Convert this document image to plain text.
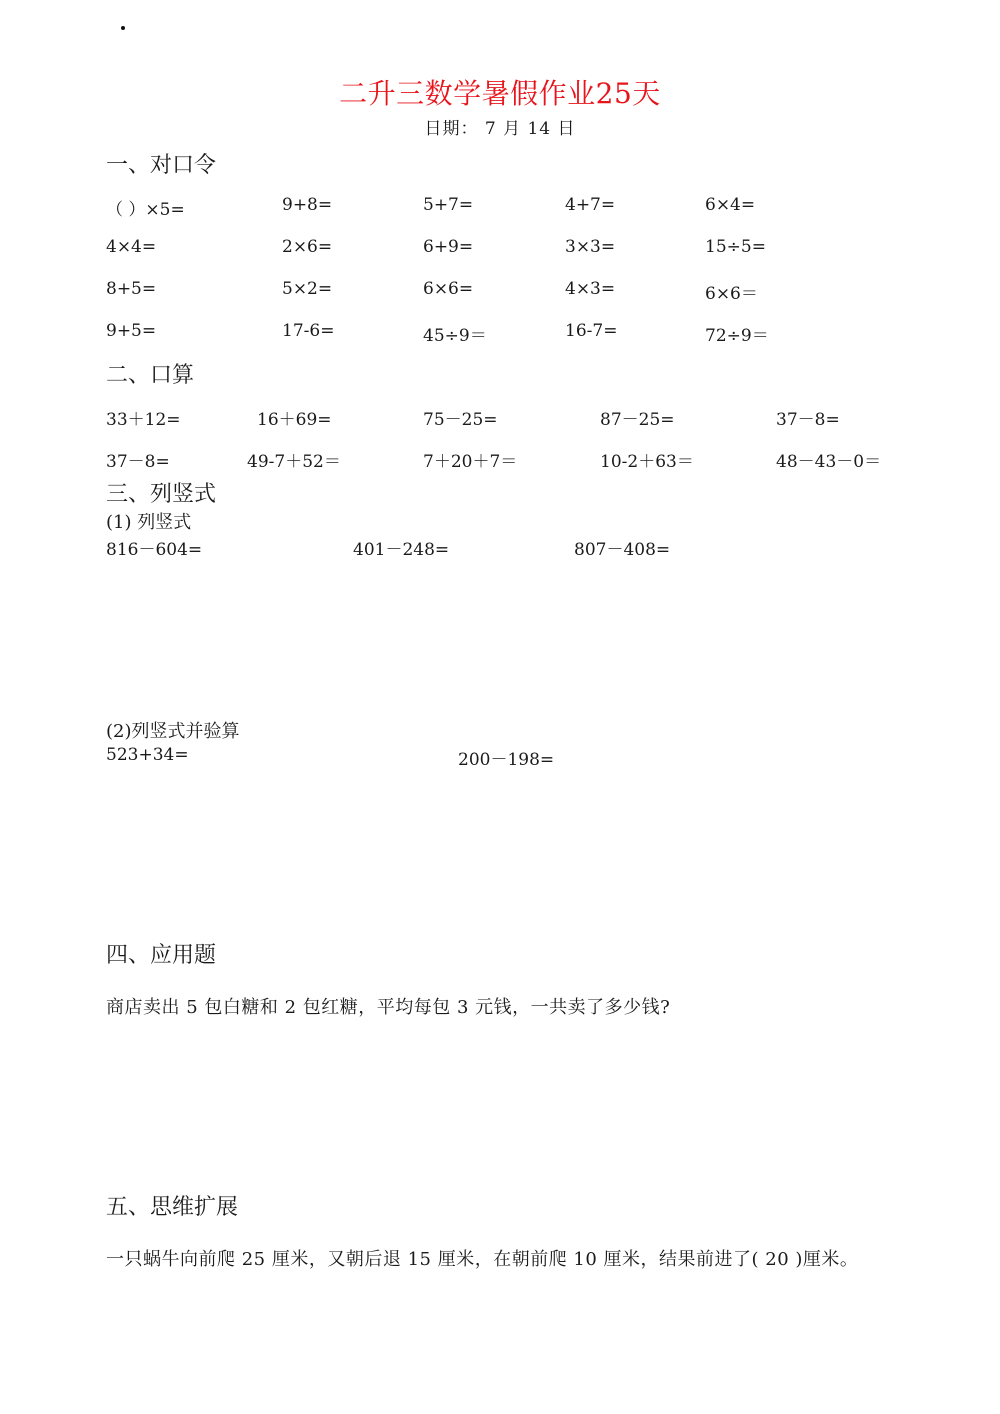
二升三数学暑假作业25天
日期： 7 月 14 日
一、对口令
（ ）×5=	9+8=	5+7=	4+7=	6×4=
4×4=	2×6=	6+9=	3×3=	15÷5=
8+5=	5×2=	6×6=	4×3=	6×6＝
9+5=	17-6=	45÷9＝	16-7=	72÷9＝
二、口算
33＋12=	16＋69=	75－25=	87－25=	37－8=
37－8=	49-7＋52＝	7＋20＋7＝	10-2＋63＝	48－43－0＝
三、列竖式
(1) 列竖式
816－604=	401－248=	807－408=
(2)列竖式并验算
523+34=	200－198=
四、应用题
商店卖出 5 包白糖和 2 包红糖，平均每包 3 元钱，一共卖了多少钱?
五、思维扩展
一只蜗牛向前爬 25 厘米，又朝后退 15 厘米，在朝前爬 10 厘米，结果前进了( 20 )厘米。
